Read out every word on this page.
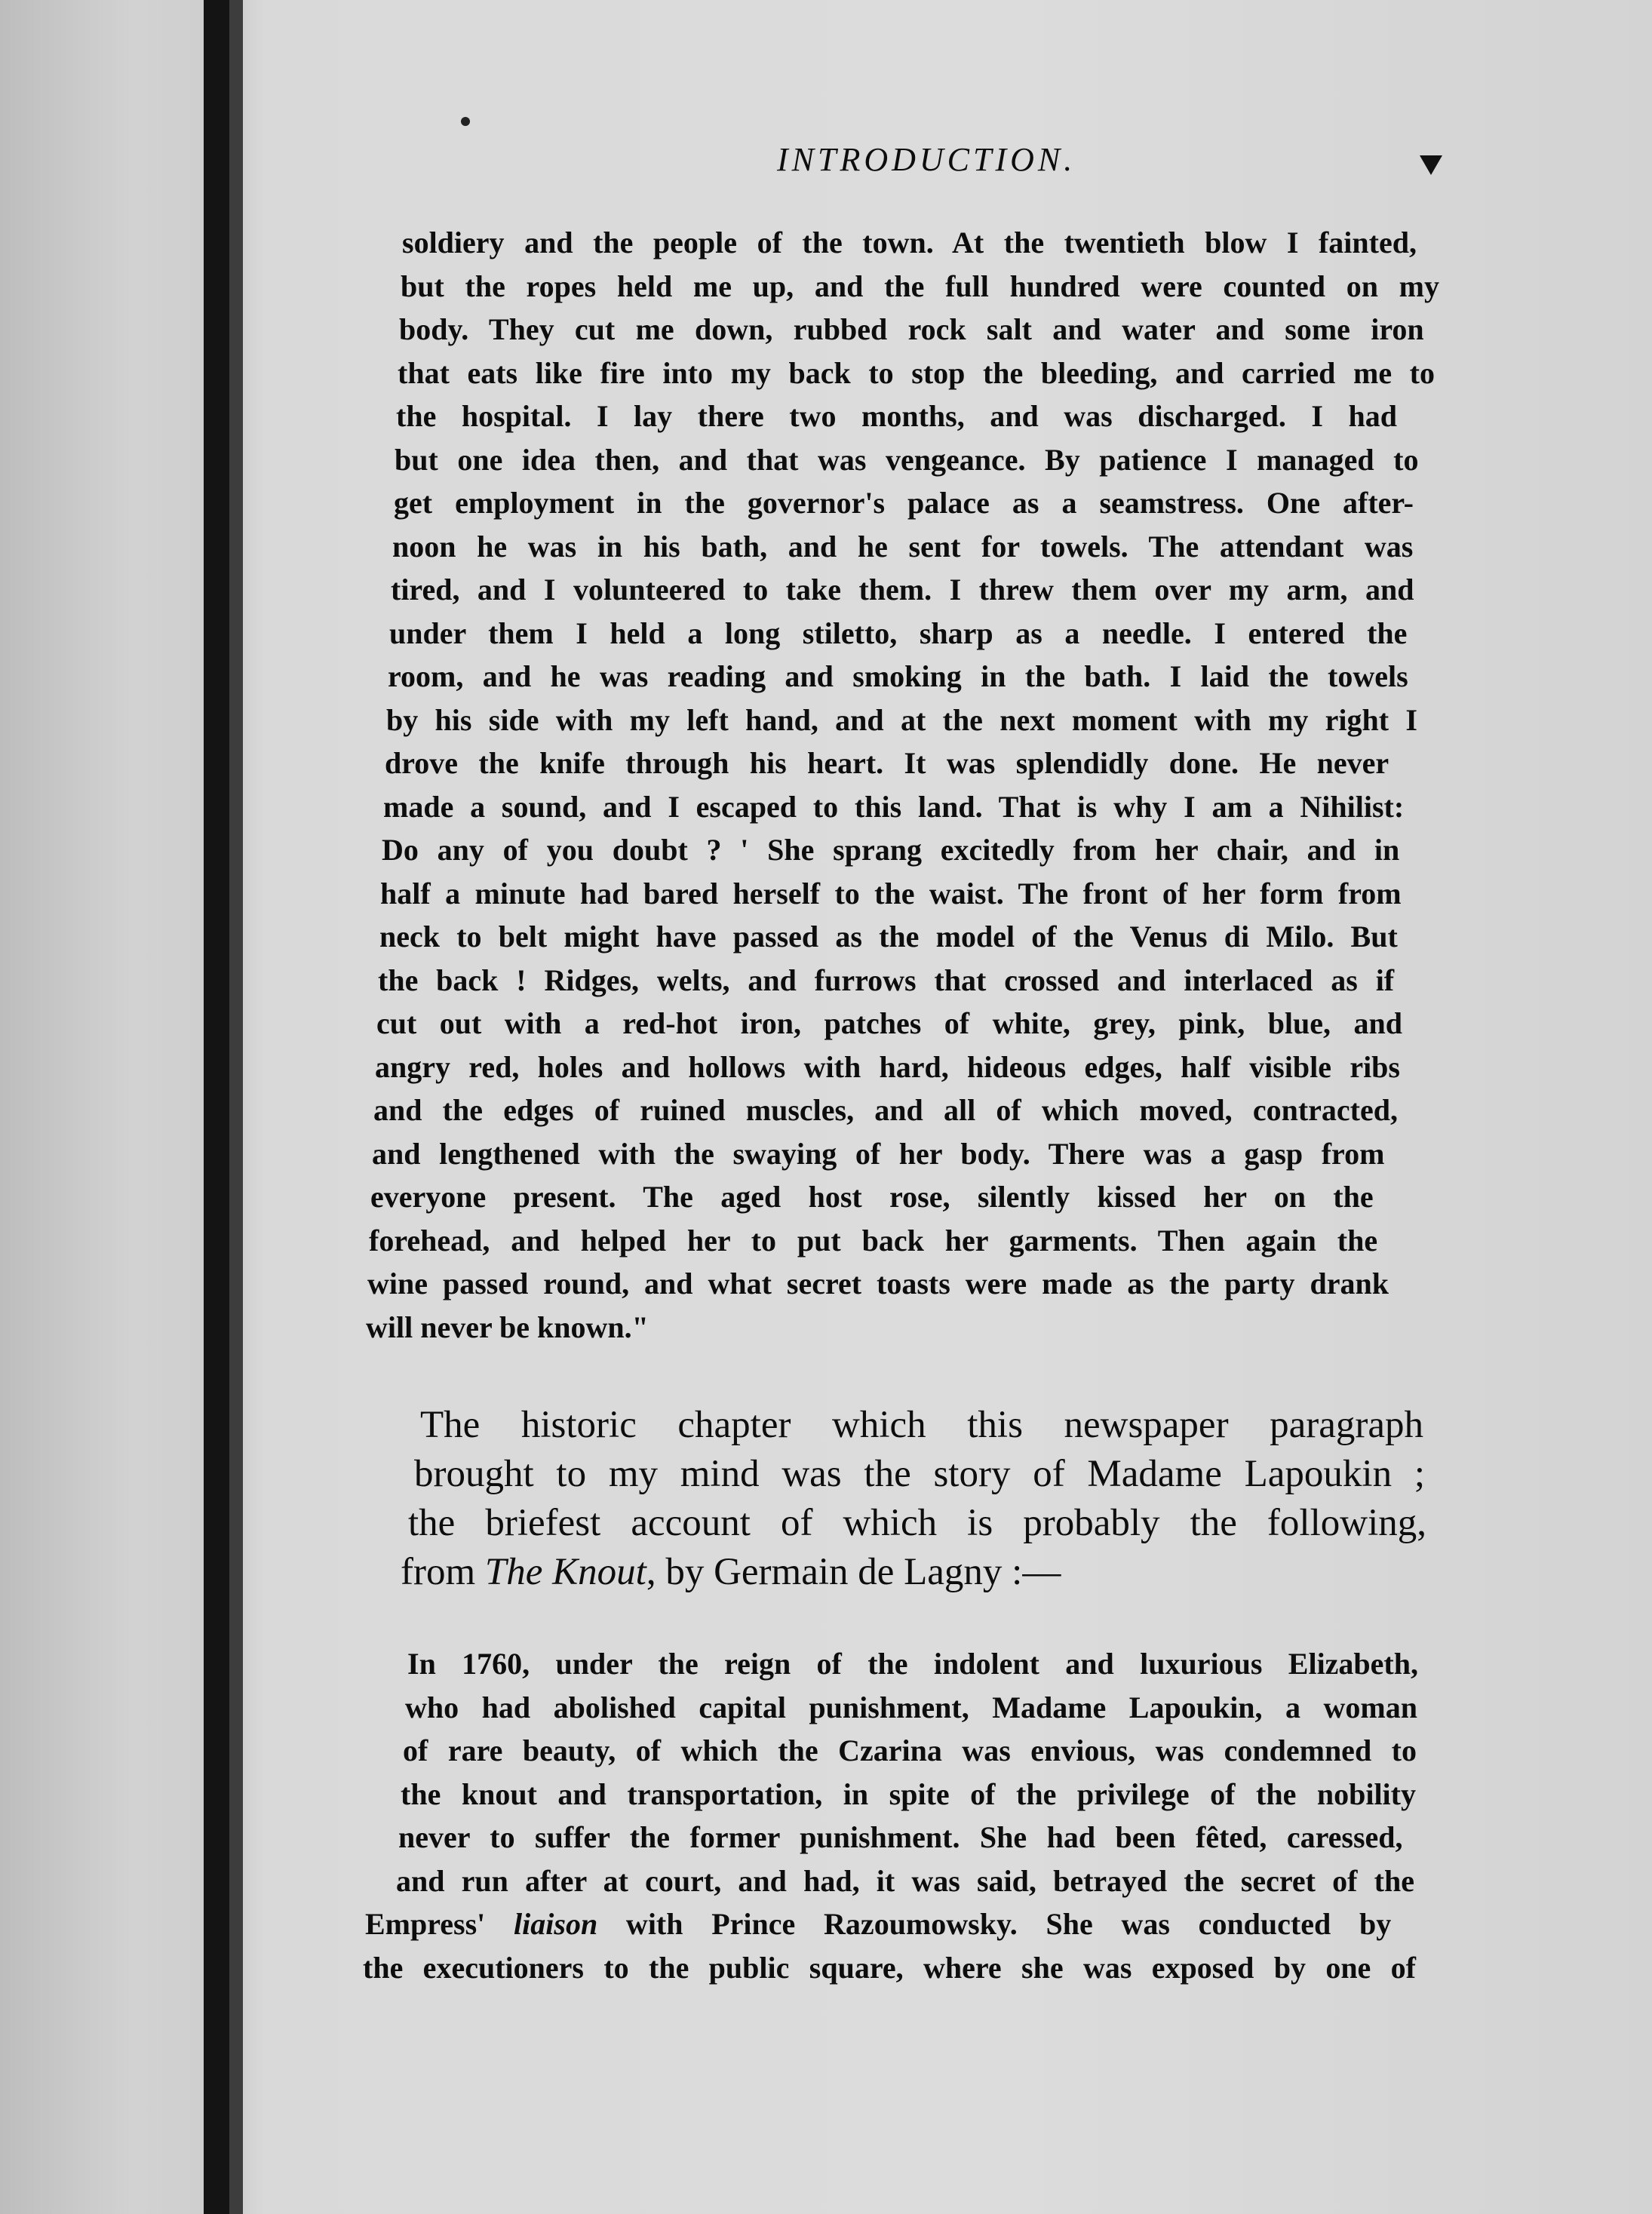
INTRODUCTION.

soldiery and the people of the town. At the twentieth blow I fainted,

but the ropes held me up, and the full hundred were counted on my

body. They cut me down, rubbed rock salt and water and some iron

that eats like fire into my back to stop the bleeding, and carried me to

the hospital. I lay there two months, and was discharged. I had

but one idea then, and that was vengeance. By patience I managed to

get employment in the governor's palace as a seamstress. One after-

noon he was in his bath, and he sent for towels. The attendant was

tired, and I volunteered to take them. I threw them over my arm, and

under them I held a long stiletto, sharp as a needle. I entered the

room, and he was reading and smoking in the bath. I laid the towels

by his side with my left hand, and at the next moment with my right I

drove the knife through his heart. It was splendidly done. He never

made a sound, and I escaped to this land. That is why I am a Nihilist:

Do any of you doubt ? ' She sprang excitedly from her chair, and in

half a minute had bared herself to the waist. The front of her form from

neck to belt might have passed as the model of the Venus di Milo. But

the back ! Ridges, welts, and furrows that crossed and interlaced as if

cut out with a red-hot iron, patches of white, grey, pink, blue, and

angry red, holes and hollows with hard, hideous edges, half visible ribs

and the edges of ruined muscles, and all of which moved, contracted,

and lengthened with the swaying of her body. There was a gasp from

everyone present. The aged host rose, silently kissed her on the

forehead, and helped her to put back her garments. Then again the

wine passed round, and what secret toasts were made as the party drank

will never be known."

The historic chapter which this newspaper paragraph

brought to my mind was the story of Madame Lapoukin ;

the briefest account of which is probably the following,

from The Knout, by Germain de Lagny :—

In 1760, under the reign of the indolent and luxurious Elizabeth,

who had abolished capital punishment, Madame Lapoukin, a woman

of rare beauty, of which the Czarina was envious, was condemned to

the knout and transportation, in spite of the privilege of the nobility

never to suffer the former punishment. She had been fêted, caressed,

and run after at court, and had, it was said, betrayed the secret of the

Empress' liaison with Prince Razoumowsky. She was conducted by

the executioners to the public square, where she was exposed by one of
